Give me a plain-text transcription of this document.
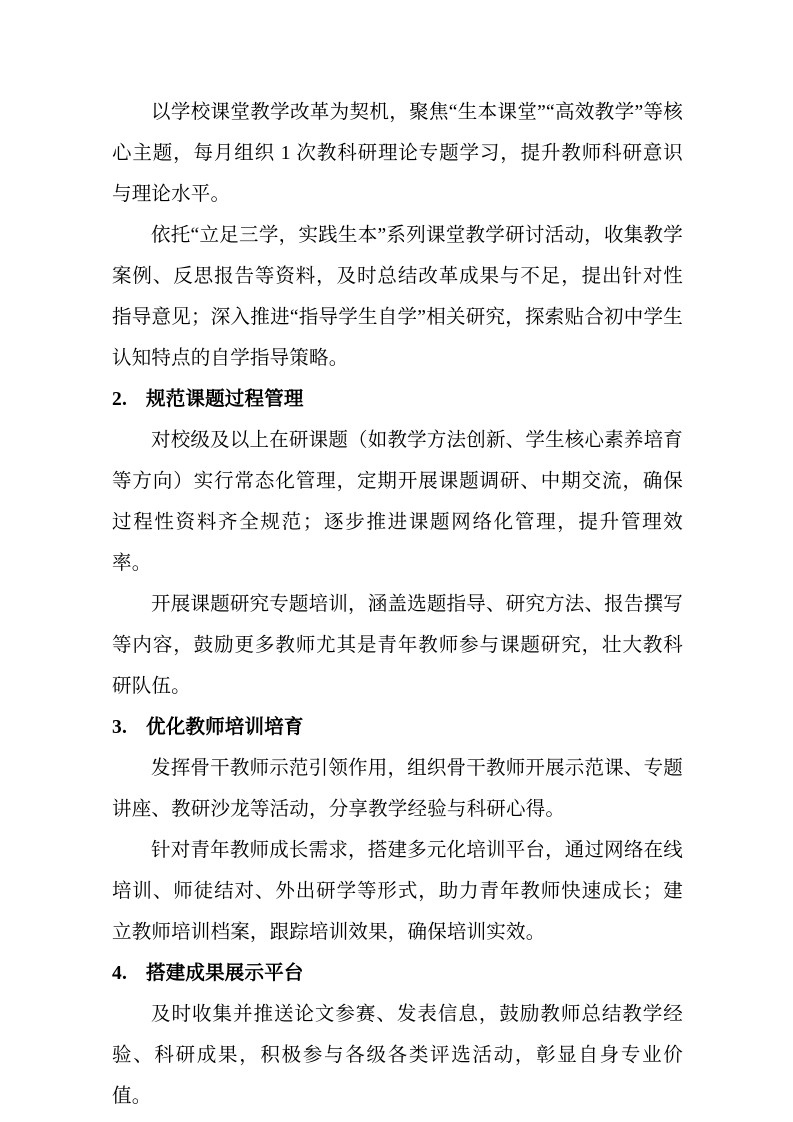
以学校课堂教学改革为契机，聚焦“生本课堂”“高效教学”等核心主题，每月组织 1 次教科研理论专题学习，提升教师科研意识与理论水平。

依托“立足三学，实践生本”系列课堂教学研讨活动，收集教学案例、反思报告等资料，及时总结改革成果与不足，提出针对性指导意见；深入推进“指导学生自学”相关研究，探索贴合初中学生认知特点的自学指导策略。

2. 规范课题过程管理

对校级及以上在研课题（如教学方法创新、学生核心素养培育等方向）实行常态化管理，定期开展课题调研、中期交流，确保过程性资料齐全规范；逐步推进课题网络化管理，提升管理效率。

开展课题研究专题培训，涵盖选题指导、研究方法、报告撰写等内容，鼓励更多教师尤其是青年教师参与课题研究，壮大教科研队伍。

3. 优化教师培训培育

发挥骨干教师示范引领作用，组织骨干教师开展示范课、专题讲座、教研沙龙等活动，分享教学经验与科研心得。

针对青年教师成长需求，搭建多元化培训平台，通过网络在线培训、师徒结对、外出研学等形式，助力青年教师快速成长；建立教师培训档案，跟踪培训效果，确保培训实效。

4. 搭建成果展示平台

及时收集并推送论文参赛、发表信息，鼓励教师总结教学经验、科研成果，积极参与各级各类评选活动，彰显自身专业价值。
